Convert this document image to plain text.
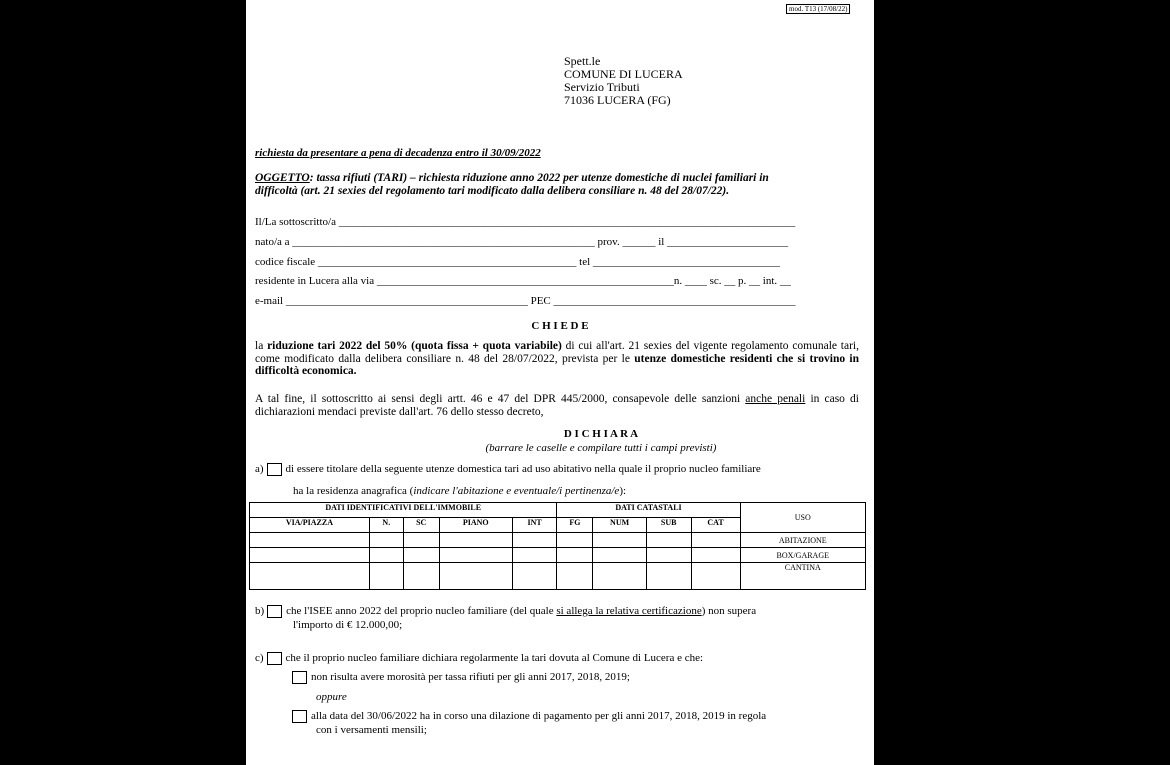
mod. T13 (17/08/22)
Spett.le
COMUNE DI LUCERA
Servizio Tributi
71036 LUCERA (FG)
richiesta da presentare a pena di decadenza entro il 30/09/2022
OGGETTO: tassa rifiuti (TARI) – richiesta riduzione anno 2022 per utenze domestiche di nuclei familiari in
difficoltà (art. 21 sexies del regolamento tari modificato dalla delibera consiliare n. 48 del 28/07/22).
Il/La sottoscritto/a ___________________________________________________________________________________
nato/a a _______________________________________________________ prov. ______ il ______________________
codice fiscale _______________________________________________ tel __________________________________
residente in Lucera alla via ______________________________________________________n. ____ sc. __ p. __ int. __
e-mail ____________________________________________ PEC ____________________________________________
C H I E D E
la riduzione tari 2022 del 50% (quota fissa + quota variabile) di cui all'art. 21 sexies del vigente regolamento comunale tari, come modificato dalla delibera consiliare n. 48 del 28/07/2022, prevista per le utenze domestiche residenti che si trovino in difficoltà economica.
A tal fine, il sottoscritto ai sensi degli artt. 46 e 47 del DPR 445/2000, consapevole delle sanzioni anche penali in caso di dichiarazioni mendaci previste dall'art. 76 dello stesso decreto,
D I C H I A R A
(barrare le caselle e compilare tutti i campi previsti)
a) di essere titolare della seguente utenze domestica tari ad uso abitativo nella quale il proprio nucleo familiare
ha la residenza anagrafica (indicare l'abitazione e eventuale/i pertinenza/e):
DATI IDENTIFICATIVI DELL'IMMOBILE					DATI CATASTALI				USO
VIA/PIAZZA	N.	SC	PIANO	INT	FG	NUM	SUB	CAT	
									ABITAZIONE
									BOX/GARAGE
									CANTINA
b) che l'ISEE anno 2022 del proprio nucleo familiare (del quale si allega la relativa certificazione) non supera
l'importo di € 12.000,00;
c) che il proprio nucleo familiare dichiara regolarmente la tari dovuta al Comune di Lucera e che:
non risulta avere morosità per tassa rifiuti per gli anni 2017, 2018, 2019;
oppure
alla data del 30/06/2022 ha in corso una dilazione di pagamento per gli anni 2017, 2018, 2019 in regola
con i versamenti mensili;
